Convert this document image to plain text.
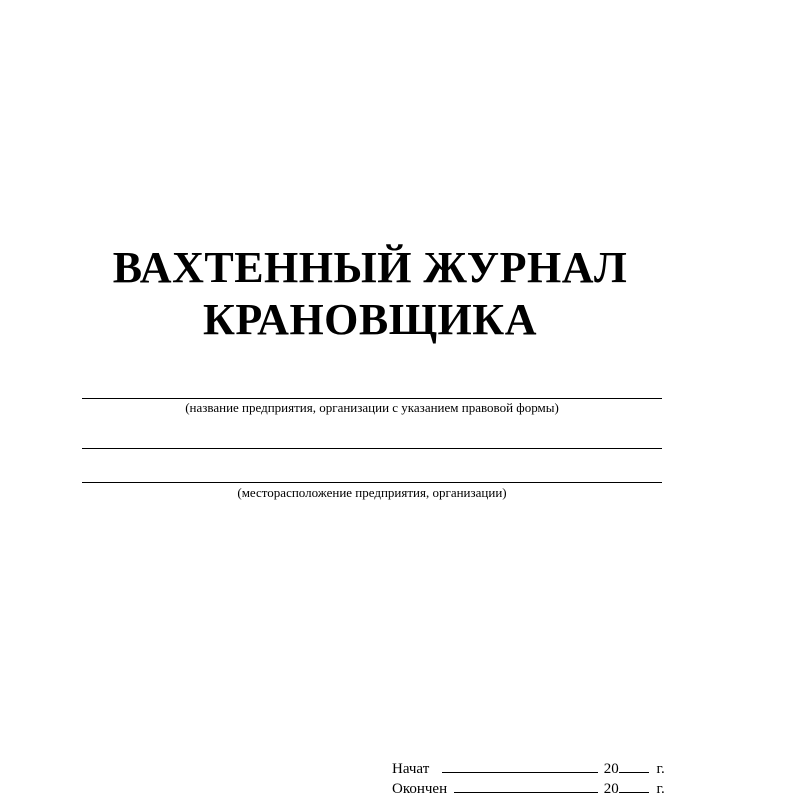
ВАХТЕННЫЙ ЖУРНАЛ
КРАНОВЩИКА
(название предприятия, организации с указанием правовой формы)
(месторасположение предприятия, организации)
Начат	20	г.
Окончен	20	г.
